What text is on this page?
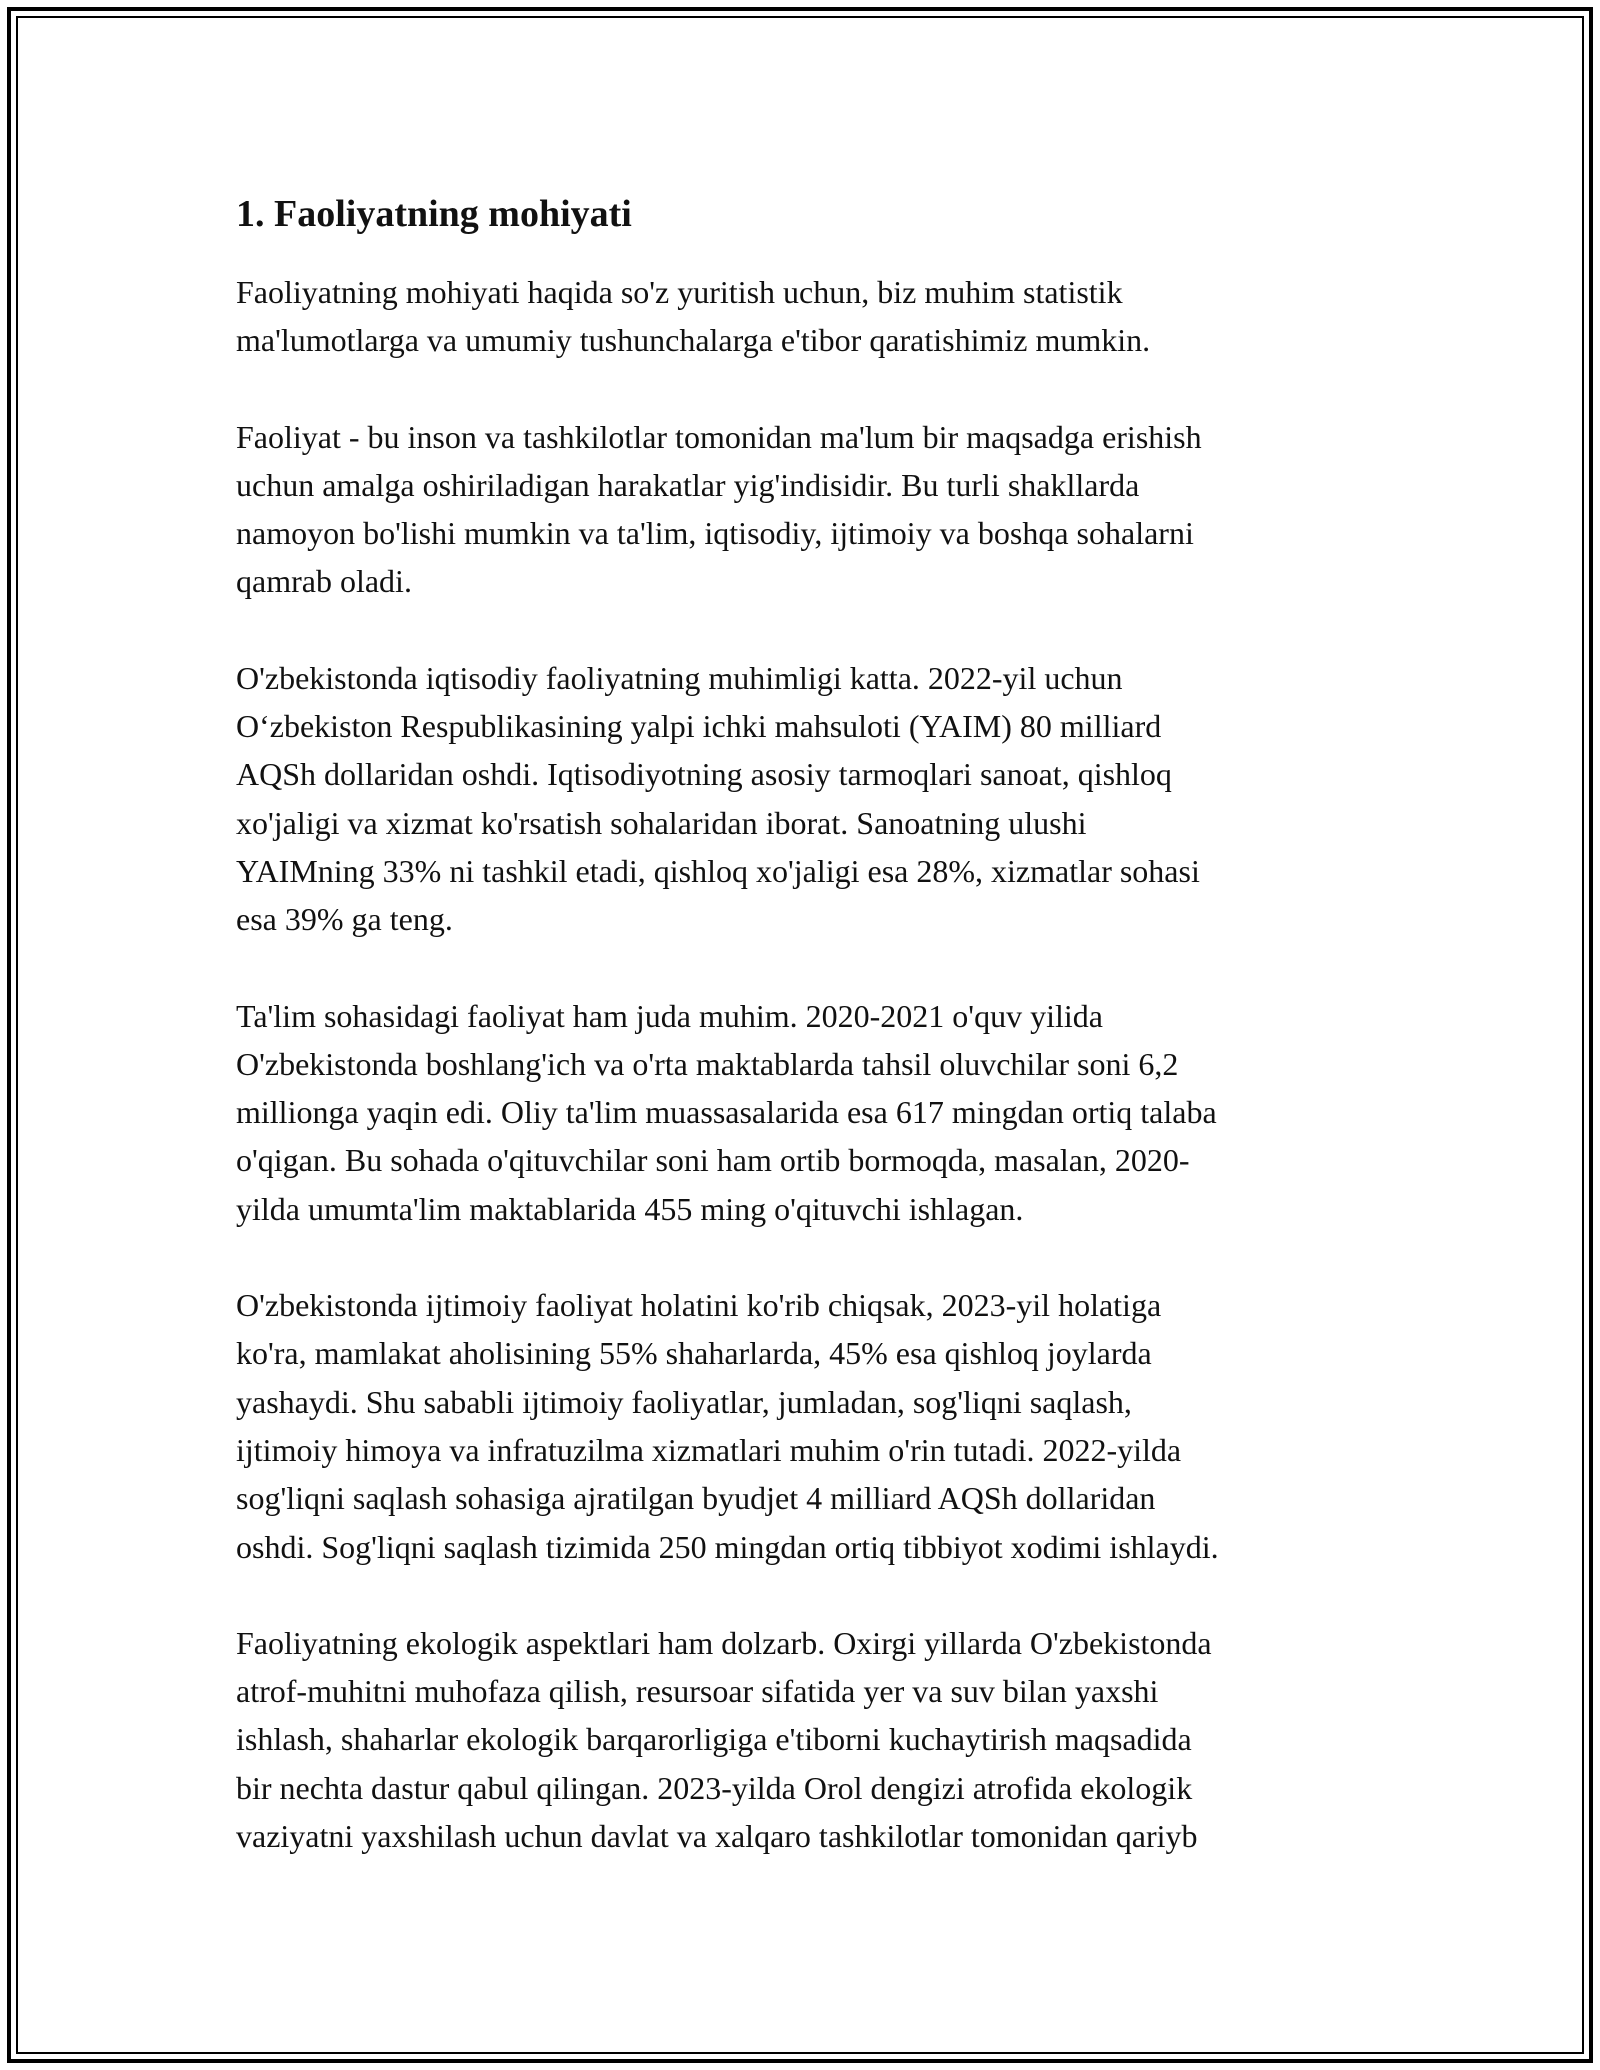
1. Faoliyatning mohiyati

Faoliyatning mohiyati haqida so'z yuritish uchun, biz muhim statistik
ma'lumotlarga va umumiy tushunchalarga e'tibor qaratishimiz mumkin.

Faoliyat - bu inson va tashkilotlar tomonidan ma'lum bir maqsadga erishish
uchun amalga oshiriladigan harakatlar yig'indisidir. Bu turli shakllarda
namoyon bo'lishi mumkin va ta'lim, iqtisodiy, ijtimoiy va boshqa sohalarni
qamrab oladi.

O'zbekistonda iqtisodiy faoliyatning muhimligi katta. 2022-yil uchun
O‘zbekiston Respublikasining yalpi ichki mahsuloti (YAIM) 80 milliard
AQSh dollaridan oshdi. Iqtisodiyotning asosiy tarmoqlari sanoat, qishloq
xo'jaligi va xizmat ko'rsatish sohalaridan iborat. Sanoatning ulushi
YAIMning 33% ni tashkil etadi, qishloq xo'jaligi esa 28%, xizmatlar sohasi
esa 39% ga teng.

Ta'lim sohasidagi faoliyat ham juda muhim. 2020-2021 o'quv yilida
O'zbekistonda boshlang'ich va o'rta maktablarda tahsil oluvchilar soni 6,2
millionga yaqin edi. Oliy ta'lim muassasalarida esa 617 mingdan ortiq talaba
o'qigan. Bu sohada o'qituvchilar soni ham ortib bormoqda, masalan, 2020-
yilda umumta'lim maktablarida 455 ming o'qituvchi ishlagan.

O'zbekistonda ijtimoiy faoliyat holatini ko'rib chiqsak, 2023-yil holatiga
ko'ra, mamlakat aholisining 55% shaharlarda, 45% esa qishloq joylarda
yashaydi. Shu sababli ijtimoiy faoliyatlar, jumladan, sog'liqni saqlash,
ijtimoiy himoya va infratuzilma xizmatlari muhim o'rin tutadi. 2022-yilda
sog'liqni saqlash sohasiga ajratilgan byudjet 4 milliard AQSh dollaridan
oshdi. Sog'liqni saqlash tizimida 250 mingdan ortiq tibbiyot xodimi ishlaydi.

Faoliyatning ekologik aspektlari ham dolzarb. Oxirgi yillarda O'zbekistonda
atrof-muhitni muhofaza qilish, resursoar sifatida yer va suv bilan yaxshi
ishlash, shaharlar ekologik barqarorligiga e'tiborni kuchaytirish maqsadida
bir nechta dastur qabul qilingan. 2023-yilda Orol dengizi atrofida ekologik
vaziyatni yaxshilash uchun davlat va xalqaro tashkilotlar tomonidan qariyb
